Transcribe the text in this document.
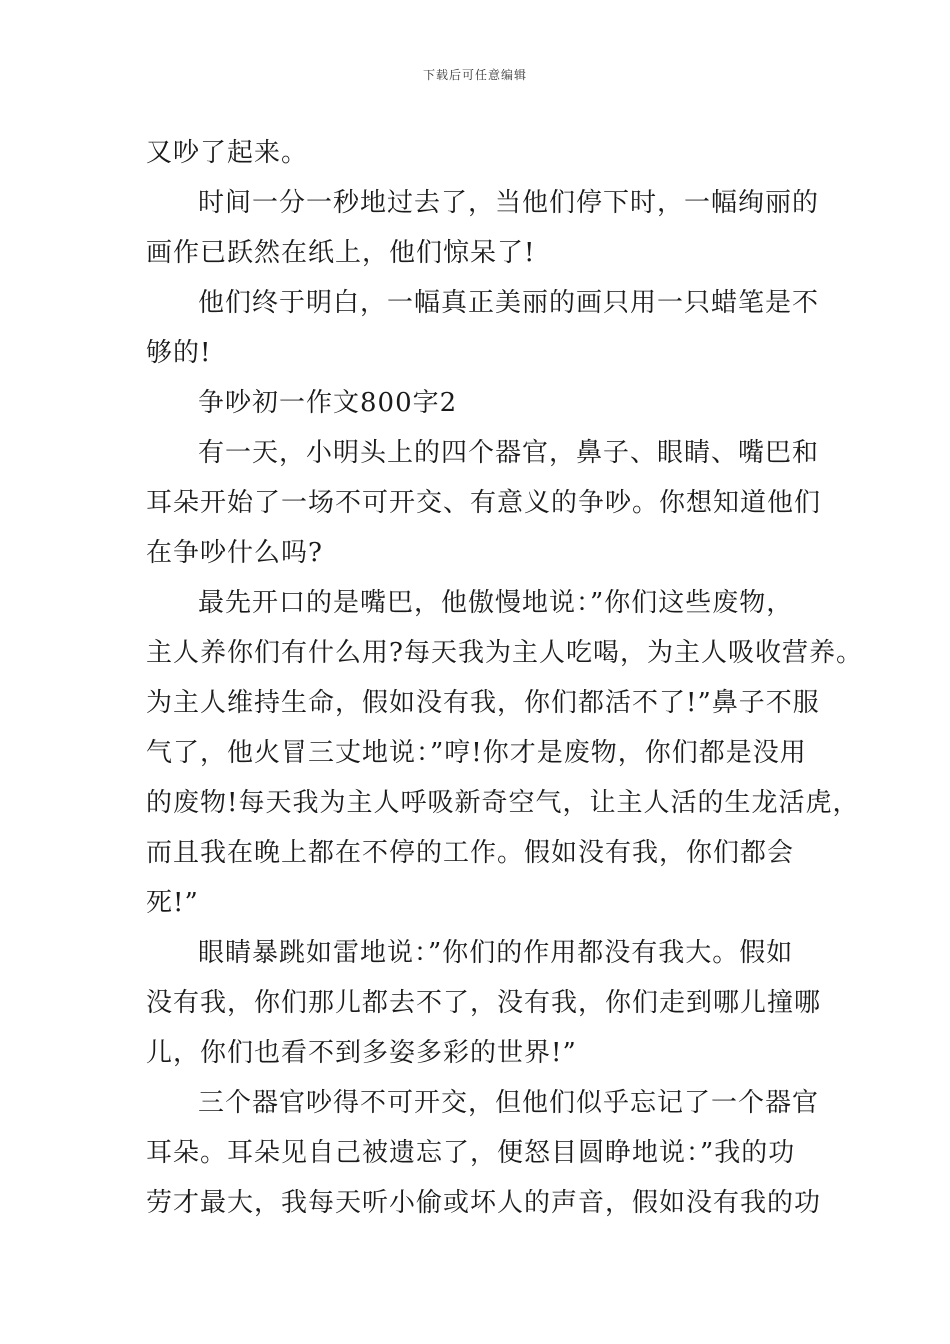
下载后可任意编辑
又吵了起来。
时间一分一秒地过去了，当他们停下时，一幅绚丽的
画作已跃然在纸上，他们惊呆了!
他们终于明白，一幅真正美丽的画只用一只蜡笔是不
够的!
争吵初一作文800字2
有一天，小明头上的四个器官，鼻子、眼睛、嘴巴和
耳朵开始了一场不可开交、有意义的争吵。你想知道他们
在争吵什么吗?
最先开口的是嘴巴，他傲慢地说：”你们这些废物，
主人养你们有什么用?每天我为主人吃喝，为主人吸收营养。
为主人维持生命，假如没有我，你们都活不了!”鼻子不服
气了，他火冒三丈地说：”哼!你才是废物，你们都是没用
的废物!每天我为主人呼吸新奇空气，让主人活的生龙活虎，
而且我在晚上都在不停的工作。假如没有我，你们都会
死!”
眼睛暴跳如雷地说：”你们的作用都没有我大。假如
没有我，你们那儿都去不了，没有我，你们走到哪儿撞哪
儿，你们也看不到多姿多彩的世界!”
三个器官吵得不可开交，但他们似乎忘记了一个器官
耳朵。耳朵见自己被遗忘了，便怒目圆睁地说：”我的功
劳才最大，我每天听小偷或坏人的声音，假如没有我的功
